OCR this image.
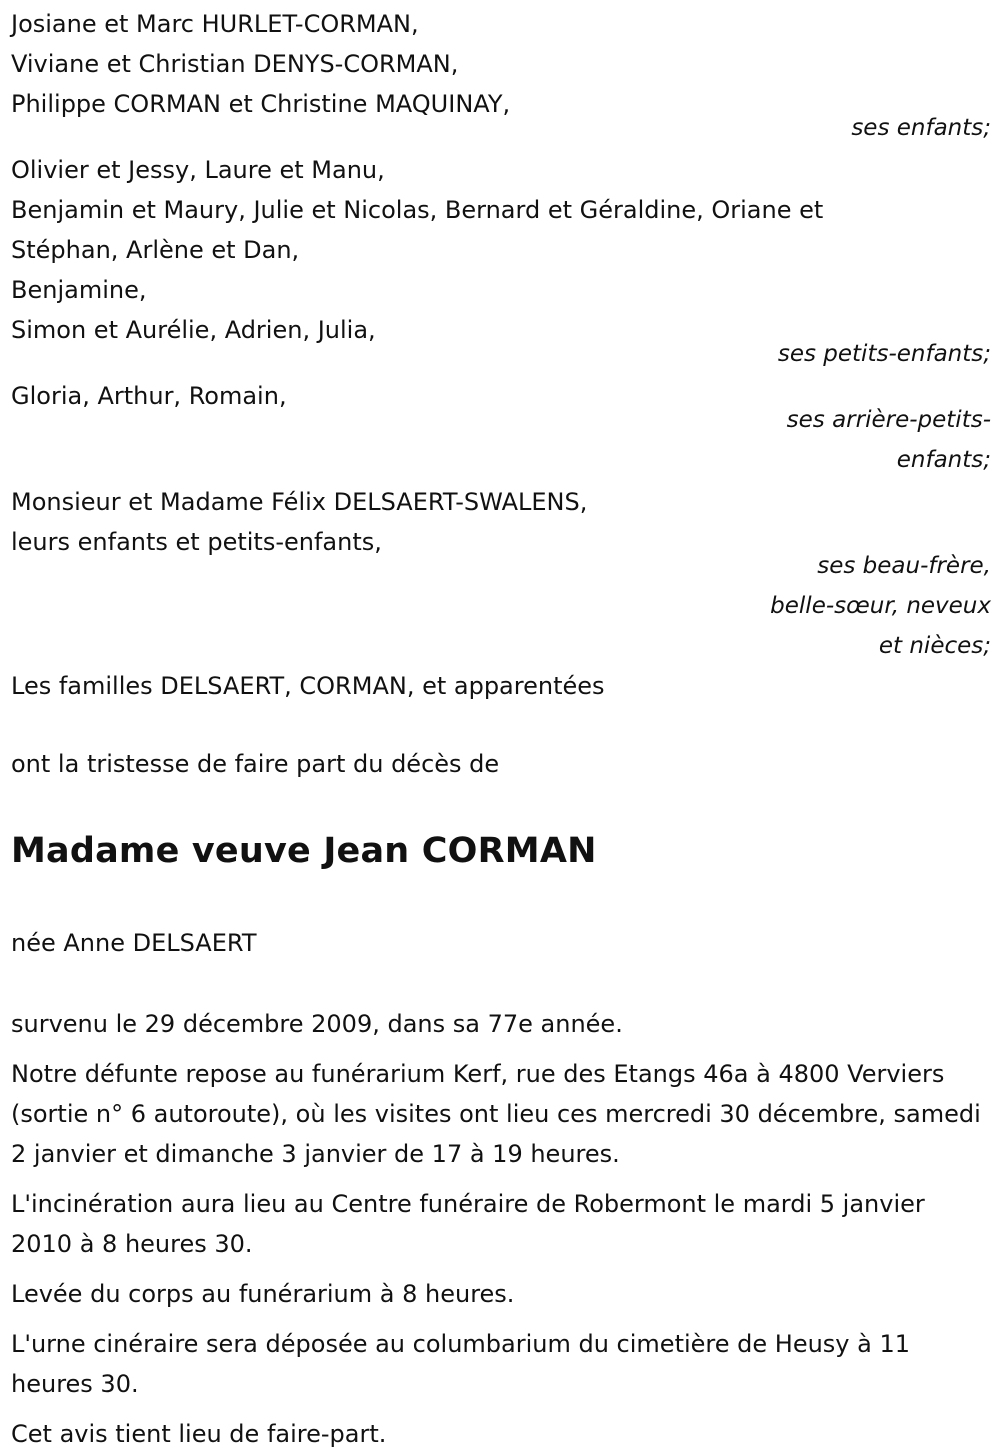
Josiane et Marc HURLET-CORMAN,
Viviane et Christian DENYS-CORMAN,
Philippe CORMAN et Christine MAQUINAY,
ses enfants;
Olivier et Jessy, Laure et Manu,
Benjamin et Maury, Julie et Nicolas, Bernard et Géraldine, Oriane et Stéphan, Arlène et Dan,
Benjamine,
Simon et Aurélie, Adrien, Julia,
ses petits-enfants;
Gloria, Arthur, Romain,
ses arrière-petits-
enfants;
Monsieur et Madame Félix DELSAERT-SWALENS,
leurs enfants et petits-enfants,
ses beau-frère,
belle-sœur, neveux
et nièces;
Les familles DELSAERT, CORMAN, et apparentées
ont la tristesse de faire part du décès de
Madame veuve Jean CORMAN
née Anne DELSAERT
survenu le 29 décembre 2009, dans sa 77e année.
Notre défunte repose au funérarium Kerf, rue des Etangs 46a à 4800 Verviers (sortie n° 6 autoroute), où les visites ont lieu ces mercredi 30 décembre, samedi 2 janvier et dimanche 3 janvier de 17 à 19 heures.
L'incinération aura lieu au Centre funéraire de Robermont le mardi 5 janvier 2010 à 8 heures 30.
Levée du corps au funérarium à 8 heures.
L'urne cinéraire sera déposée au columbarium du cimetière de Heusy à 11 heures 30.
Cet avis tient lieu de faire-part.
